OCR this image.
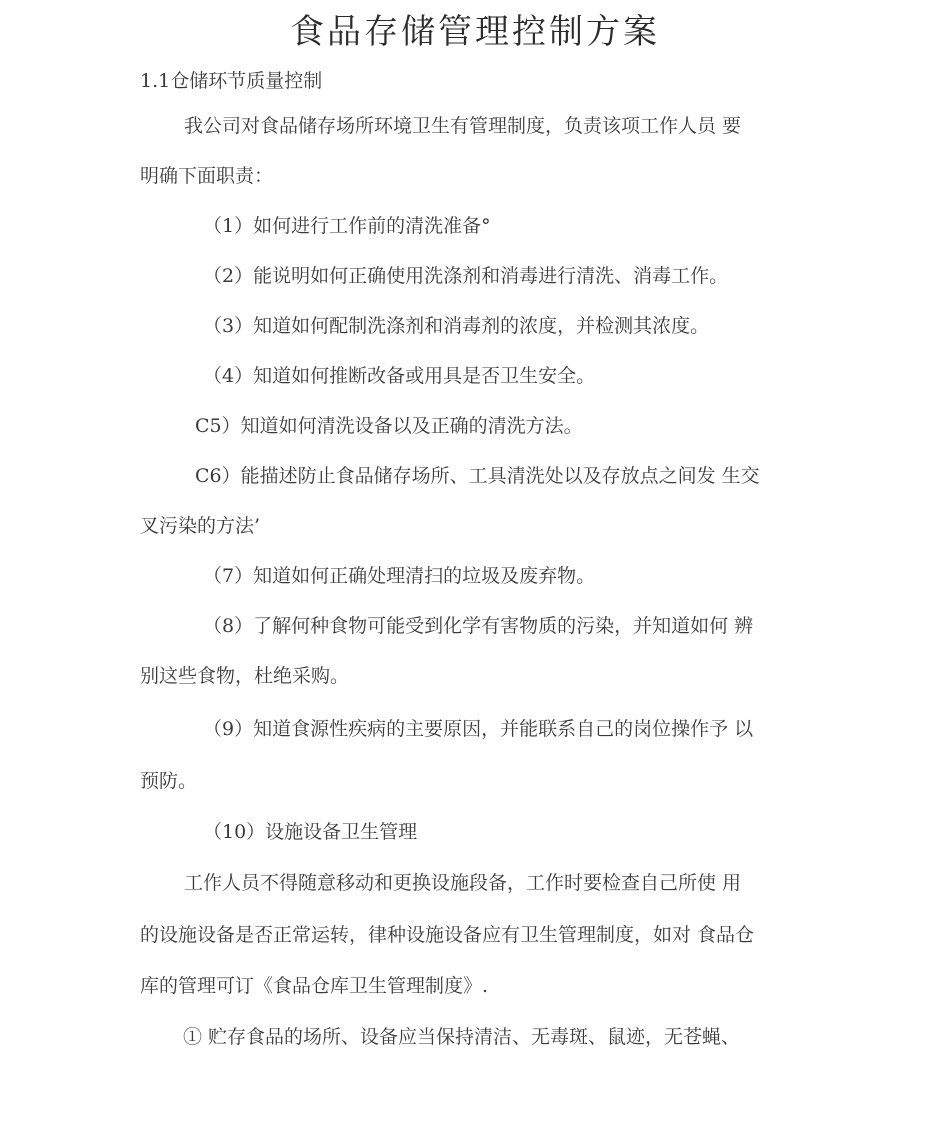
食品存储管理控制方案
1.1仓储环节质量控制
我公司对食品储存场所环境卫生有管理制度，负责该项工作人员 要
明确下面职责：
（1）如何进行工作前的清洗准备°
（2）能说明如何正确使用洗涤剂和消毒进行清洗、消毒工作。
（3）知道如何配制洗涤剂和消毒剂的浓度，并检测其浓度。
（4）知道如何推断改备或用具是否卫生安全。
C5）知道如何清洗设备以及正确的清洗方法。
C6）能描述防止食品储存场所、工具清洗处以及存放点之间发 生交
叉污染的方法’
（7）知道如何正确处理清扫的垃圾及废弃物。
（8）了解何种食物可能受到化学有害物质的污染，并知道如何 辨
别这些食物，杜绝采购。
（9）知道食源性疾病的主要原因，并能联系自己的岗位操作予 以
预防。
（10）设施设备卫生管理
工作人员不得随意移动和更换设施段备，工作时要检查自己所使 用
的设施设备是否正常运转，律种设施设备应有卫生管理制度，如对 食品仓
库的管理可订《食品仓库卫生管理制度》.
① 贮存食品的场所、设备应当保持清洁、无毒斑、鼠迹，无苍蝇、
